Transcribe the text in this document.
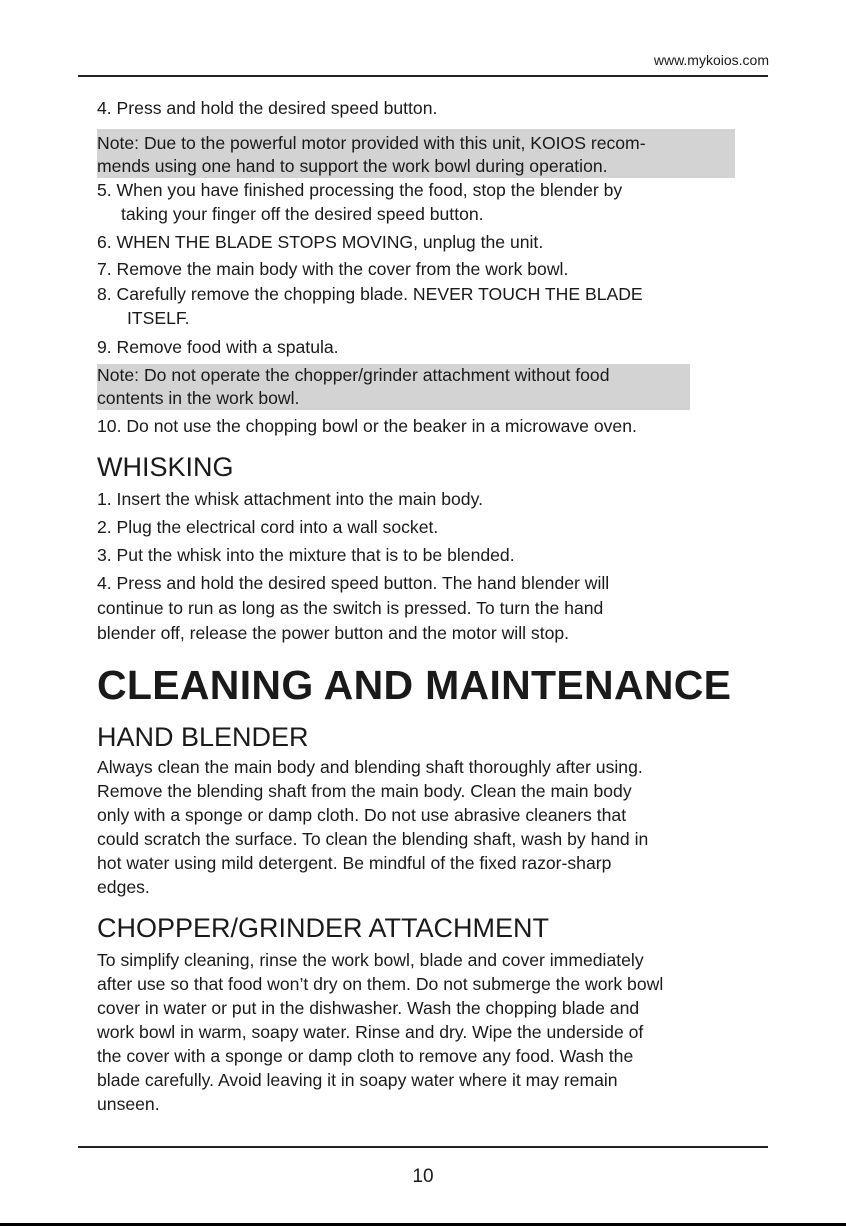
www.mykoios.com
4. Press and hold the desired speed button.
Note: Due to the powerful motor provided with this unit, KOIOS recom-
mends using one hand to support the work bowl during operation.
5. When you have finished processing the food, stop the blender by
taking your finger off the desired speed button.
6. WHEN THE BLADE STOPS MOVING, unplug the unit.
7. Remove the main body with the cover from the work bowl.
8. Carefully remove the chopping blade. NEVER TOUCH THE BLADE
ITSELF.
9. Remove food with a spatula.
Note: Do not operate the chopper/grinder attachment without food
contents in the work bowl.
10. Do not use the chopping bowl or the beaker in a microwave oven.
WHISKING
1. Insert the whisk attachment into the main body.
2. Plug the electrical cord into a wall socket.
3. Put the whisk into the mixture that is to be blended.
4. Press and hold the desired speed button. The hand blender will
continue to run as long as the switch is pressed. To turn the hand
blender off, release the power button and the motor will stop.
CLEANING AND MAINTENANCE
HAND BLENDER
Always clean the main body and blending shaft thoroughly after using.
Remove the blending shaft from the main body. Clean the main body
only with a sponge or damp cloth. Do not use abrasive cleaners that
could scratch the surface. To clean the blending shaft, wash by hand in
hot water using mild detergent. Be mindful of the fixed razor-sharp
edges.
CHOPPER/GRINDER ATTACHMENT
To simplify cleaning, rinse the work bowl, blade and cover immediately
after use so that food won’t dry on them. Do not submerge the work bowl
cover in water or put in the dishwasher. Wash the chopping blade and
work bowl in warm, soapy water. Rinse and dry. Wipe the underside of
the cover with a sponge or damp cloth to remove any food. Wash the
blade carefully. Avoid leaving it in soapy water where it may remain
unseen.
10
